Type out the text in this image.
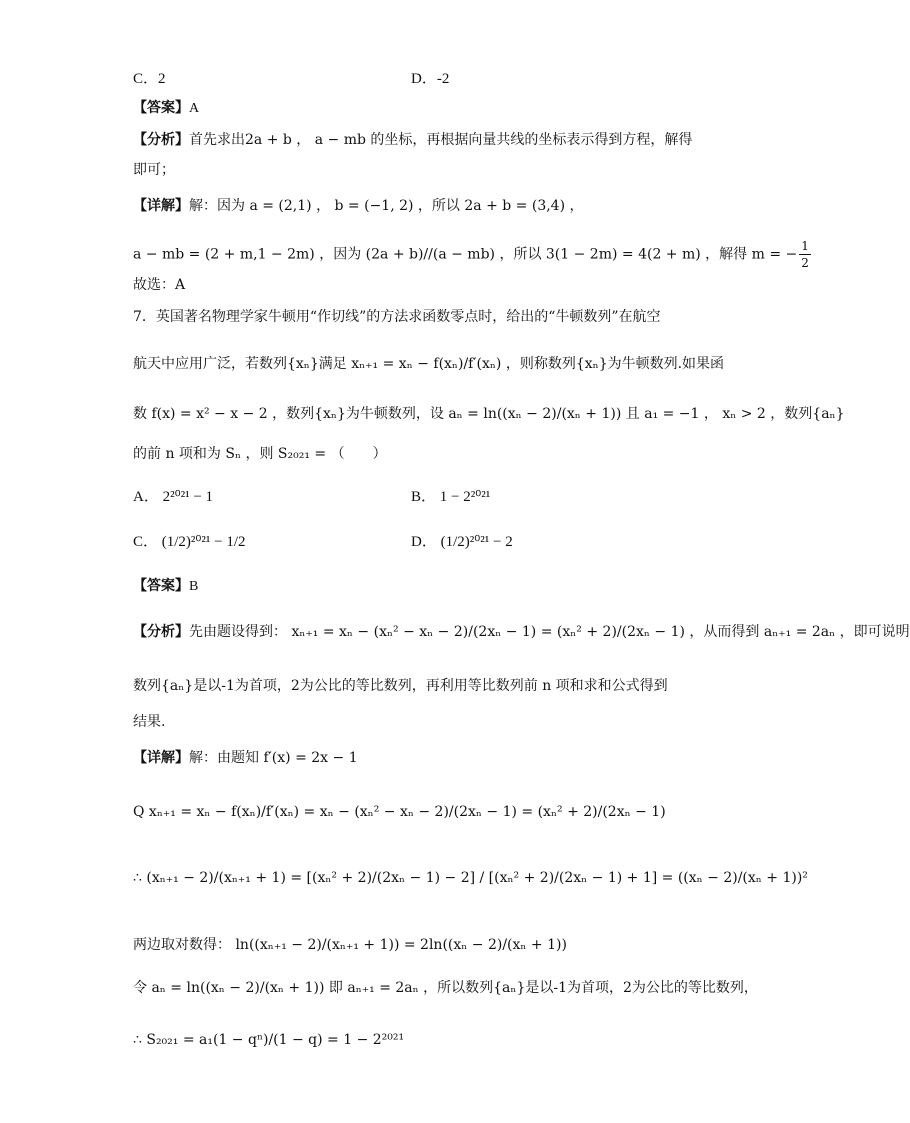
C．2	D．-2
【答案】A
【分析】首先求出2a + b ， a − mb 的坐标，再根据向量共线的坐标表示得到方程，解得
即可；
【详解】解：因为 a = (2,1) ， b = (−1, 2) ，所以 2a + b = (3,4) ，
a − mb = (2 + m,1 − 2m) ，因为 (2a + b)//(a − mb) ，所以 3(1 − 2m) = 4(2 + m) ，解得 m = − $\frac{1}{2}$
故选：A
7．英国著名物理学家牛顿用“作切线”的方法求函数零点时，给出的“牛顿数列”在航空
航天中应用广泛，若数列{xₙ}满足 xₙ₊₁ = xₙ − f(xₙ)/f′(xₙ) ，则称数列{xₙ}为牛顿数列.如果函
数 f(x) = x² − x − 2 ，数列{xₙ}为牛顿数列，设 aₙ = ln((xₙ − 2)/(xₙ + 1)) 且 a₁ = −1 ， xₙ > 2 ，数列{aₙ}
的前 n 项和为 Sₙ ，则 S₂₀₂₁ = （　　）
A． 2²⁰²¹ − 1	B． 1 − 2²⁰²¹
C． (1/2)²⁰²¹ − 1/2	D． (1/2)²⁰²¹ − 2
【答案】B
【分析】先由题设得到： xₙ₊₁ = xₙ − (xₙ² − xₙ − 2)/(2xₙ − 1) = (xₙ² + 2)/(2xₙ − 1) ，从而得到 aₙ₊₁ = 2aₙ ，即可说明
数列{aₙ}是以-1为首项，2为公比的等比数列，再利用等比数列前 n 项和求和公式得到
结果.
【详解】解：由题知 f′(x) = 2x − 1
Q xₙ₊₁ = xₙ − f(xₙ)/f′(xₙ) = xₙ − (xₙ² − xₙ − 2)/(2xₙ − 1) = (xₙ² + 2)/(2xₙ − 1)
∴ (xₙ₊₁ − 2)/(xₙ₊₁ + 1) = [(xₙ² + 2)/(2xₙ − 1) − 2] / [(xₙ² + 2)/(2xₙ − 1) + 1] = ((xₙ − 2)/(xₙ + 1))²
两边取对数得： ln((xₙ₊₁ − 2)/(xₙ₊₁ + 1)) = 2ln((xₙ − 2)/(xₙ + 1))
令 aₙ = ln((xₙ − 2)/(xₙ + 1)) 即 aₙ₊₁ = 2aₙ ，所以数列{aₙ}是以-1为首项，2为公比的等比数列，
∴ S₂₀₂₁ = a₁(1 − qⁿ)/(1 − q) = 1 − 2²⁰²¹
